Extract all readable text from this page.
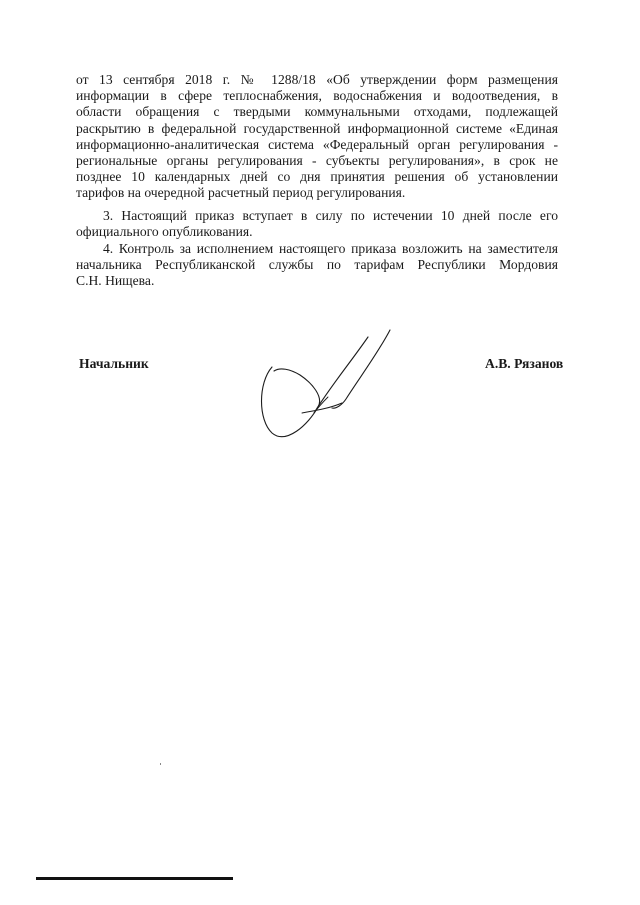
от 13 сентября 2018 г. № 1288/18 «Об утверждении форм размещения
информации в сфере теплоснабжения, водоснабжения и водоотведения, в
области обращения с твердыми коммунальными отходами, подлежащей
раскрытию в федеральной государственной информационной системе «Единая
информационно-аналитическая система «Федеральный орган регулирования -
региональные органы регулирования - субъекты регулирования», в срок не
позднее 10 календарных дней со дня принятия решения об установлении
тарифов на очередной расчетный период регулирования.
3. Настоящий приказ вступает в силу по истечении 10 дней после его
официального опубликования.
4. Контроль за исполнением настоящего приказа возложить на заместителя
начальника Республиканской службы по тарифам Республики Мордовия
С.Н. Нищева.
Начальник	А.В. Рязанов
